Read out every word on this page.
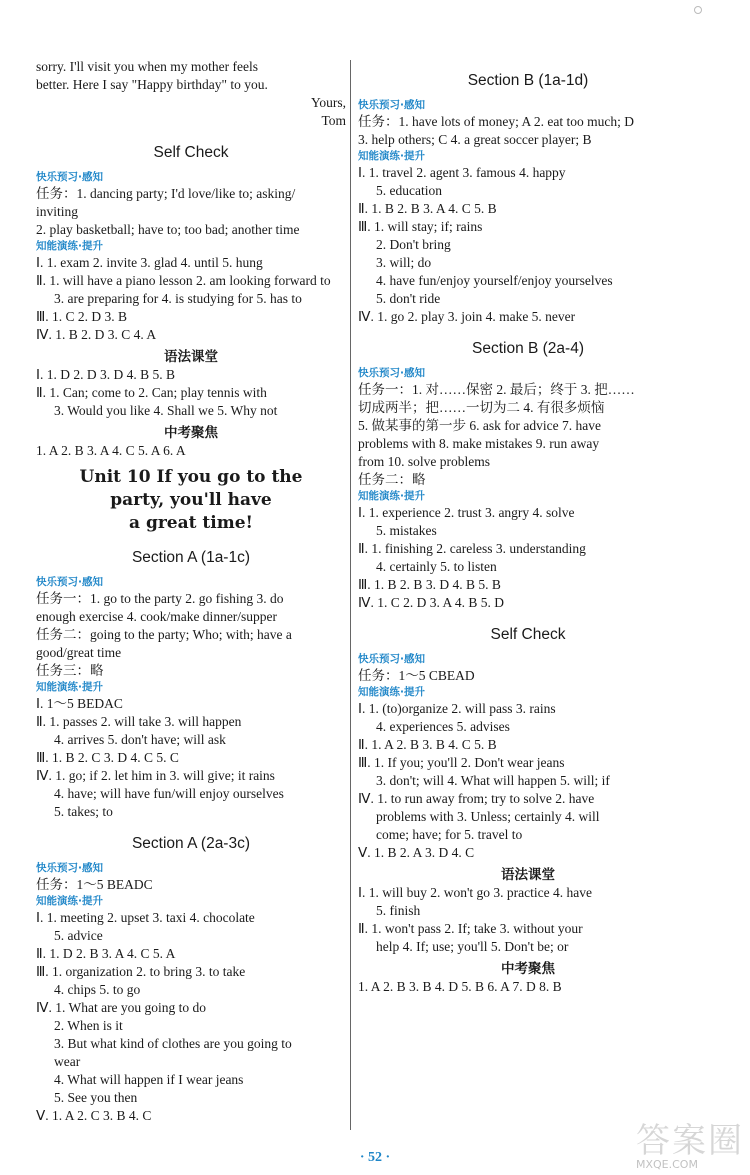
sorry. I'll visit you when my mother feels
better. Here I say "Happy birthday" to you.
Yours,
Tom
Self Check
快乐预习·感知
任务：1. dancing party; I'd love/like to; asking/
inviting
2. play basketball; have to; too bad; another time
知能演练·提升
Ⅰ. 1. exam 2. invite 3. glad 4. until 5. hung
Ⅱ. 1. will have a piano lesson 2. am looking forward to
3. are preparing for 4. is studying for 5. has to
Ⅲ. 1. C 2. D 3. B
Ⅳ. 1. B 2. D 3. C 4. A
语法课堂
Ⅰ. 1. D 2. D 3. D 4. B 5. B
Ⅱ. 1. Can; come to 2. Can; play tennis with
3. Would you like 4. Shall we 5. Why not
中考聚焦
1. A 2. B 3. A 4. C 5. A 6. A
Unit 10 If you go to the
party, you'll have
a great time!
Section A (1a-1c)
快乐预习·感知
任务一：1. go to the party 2. go fishing 3. do
enough exercise 4. cook/make dinner/supper
任务二：going to the party; Who; with; have a
good/great time
任务三：略
知能演练·提升
Ⅰ. 1～5 BEDAC
Ⅱ. 1. passes 2. will take 3. will happen
4. arrives 5. don't have; will ask
Ⅲ. 1. B 2. C 3. D 4. C 5. C
Ⅳ. 1. go; if 2. let him in 3. will give; it rains
4. have; will have fun/will enjoy ourselves
5. takes; to
Section A (2a-3c)
快乐预习·感知
任务：1～5 BEADC
知能演练·提升
Ⅰ. 1. meeting 2. upset 3. taxi 4. chocolate
5. advice
Ⅱ. 1. D 2. B 3. A 4. C 5. A
Ⅲ. 1. organization 2. to bring 3. to take
4. chips 5. to go
Ⅳ. 1. What are you going to do
2. When is it
3. But what kind of clothes are you going to
wear
4. What will happen if I wear jeans
5. See you then
Ⅴ. 1. A 2. C 3. B 4. C
Section B (1a-1d)
快乐预习·感知
任务：1. have lots of money; A 2. eat too much; D
3. help others; C 4. a great soccer player; B
知能演练·提升
Ⅰ. 1. travel 2. agent 3. famous 4. happy
5. education
Ⅱ. 1. B 2. B 3. A 4. C 5. B
Ⅲ. 1. will stay; if; rains
2. Don't bring
3. will; do
4. have fun/enjoy yourself/enjoy yourselves
5. don't ride
Ⅳ. 1. go 2. play 3. join 4. make 5. never
Section B (2a-4)
快乐预习·感知
任务一：1. 对……保密 2. 最后；终于 3. 把……
切成两半；把……一切为二 4. 有很多烦恼
5. 做某事的第一步 6. ask for advice 7. have
problems with 8. make mistakes 9. run away
from 10. solve problems
任务二：略
知能演练·提升
Ⅰ. 1. experience 2. trust 3. angry 4. solve
5. mistakes
Ⅱ. 1. finishing 2. careless 3. understanding
4. certainly 5. to listen
Ⅲ. 1. B 2. B 3. D 4. B 5. B
Ⅳ. 1. C 2. D 3. A 4. B 5. D
Self Check
快乐预习·感知
任务：1～5 CBEAD
知能演练·提升
Ⅰ. 1. (to)organize 2. will pass 3. rains
4. experiences 5. advises
Ⅱ. 1. A 2. B 3. B 4. C 5. B
Ⅲ. 1. If you; you'll 2. Don't wear jeans
3. don't; will 4. What will happen 5. will; if
Ⅳ. 1. to run away from; try to solve 2. have
problems with 3. Unless; certainly 4. will
come; have; for 5. travel to
Ⅴ. 1. B 2. A 3. D 4. C
语法课堂
Ⅰ. 1. will buy 2. won't go 3. practice 4. have
5. finish
Ⅱ. 1. won't pass 2. If; take 3. without your
help 4. If; use; you'll 5. Don't be; or
中考聚焦
1. A 2. B 3. B 4. D 5. B 6. A 7. D 8. B
· 52 ·	答案圈
MXQE.COM
